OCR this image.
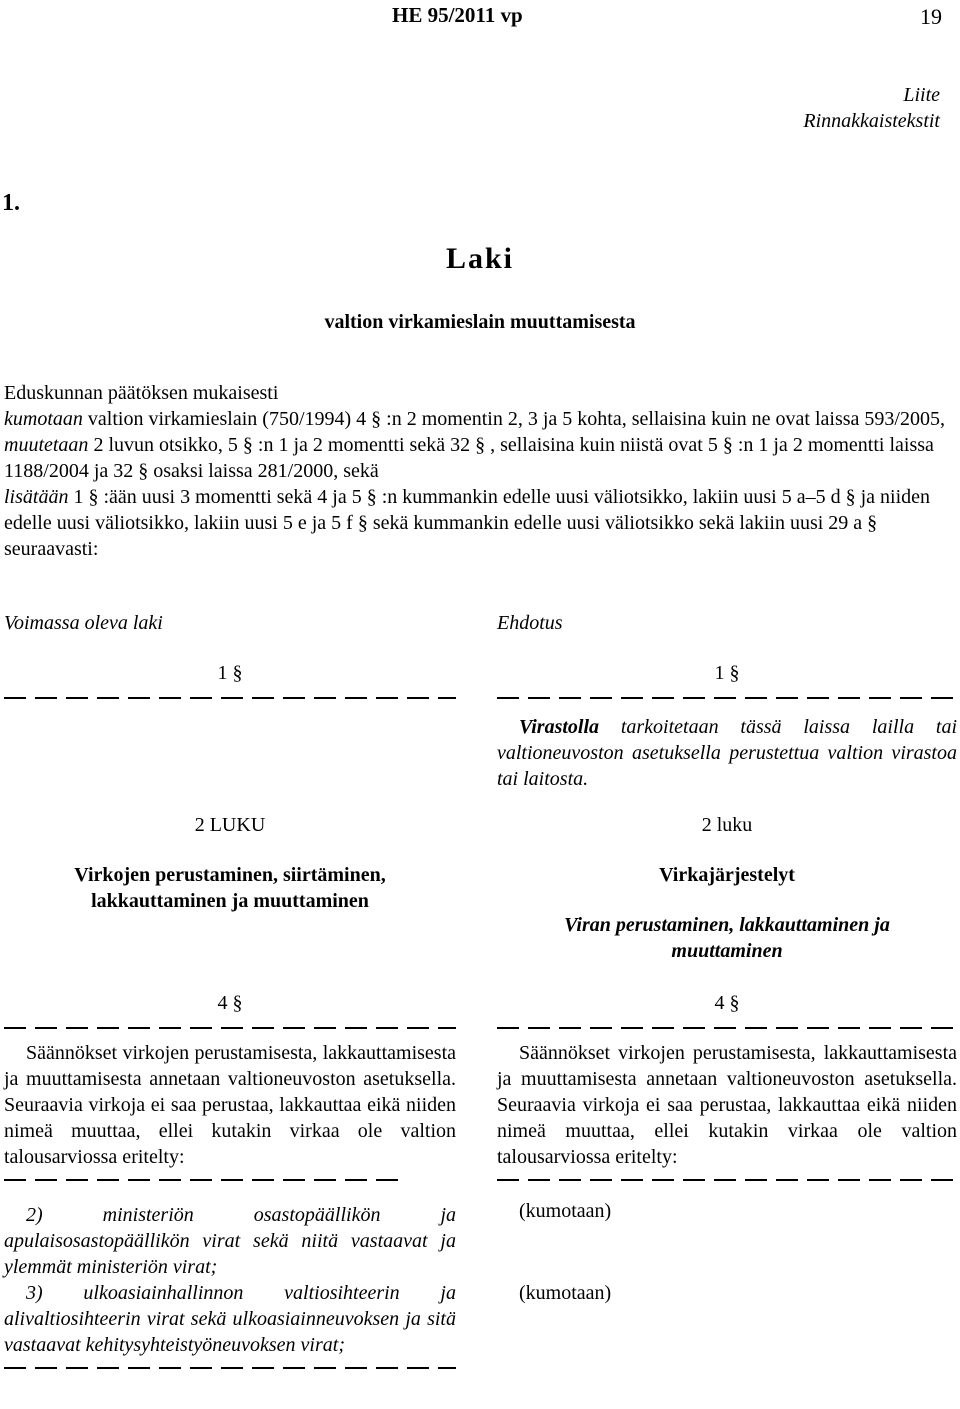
HE 95/2011 vp	19
Liite
Rinnakkaistekstit
1.
Laki
valtion virkamieslain muuttamisesta

Eduskunnan päätöksen mukaisesti

kumotaan valtion virkamieslain (750/1994) 4 § :n 2 momentin 2, 3 ja 5 kohta, sellaisina kuin ne ovat laissa 593/2005,

muutetaan 2 luvun otsikko, 5 § :n 1 ja 2 momentti sekä 32 § , sellaisina kuin niistä ovat 5 § :n 1 ja 2 momentti laissa 1188/2004 ja 32 § osaksi laissa 281/2000, sekä

lisätään 1 § :ään uusi 3 momentti sekä 4 ja 5 § :n kummankin edelle uusi väliotsikko, lakiin uusi 5 a–5 d § ja niiden edelle uusi väliotsikko, lakiin uusi 5 e ja 5 f § sekä kummankin edelle uusi väliotsikko sekä lakiin uusi 29 a § seuraavasti:

Voimassa oleva laki	Ehdotus
1 §
2 LUKU
Virkojen perustaminen, siirtäminen, lakkauttaminen ja muuttaminen
4 §
Säännökset virkojen perustamisesta, lakkauttamisesta ja muuttamisesta annetaan valtioneuvoston asetuksella. Seuraavia virkoja ei saa perustaa, lakkauttaa eikä niiden nimeä muuttaa, ellei kutakin virkaa ole valtion talousarviossa eritelty:
2) ministeriön osastopäällikön ja apulaisosastopäällikön virat sekä niitä vastaavat ja ylemmät ministeriön virat;
3) ulkoasiainhallinnon valtiosihteerin ja alivaltiosihteerin virat sekä ulkoasiainneuvoksen ja sitä vastaavat kehitysyhteistyöneuvoksen virat;
1 §
Virastolla tarkoitetaan tässä laissa lailla tai valtioneuvoston asetuksella perustettua valtion virastoa tai laitosta.
2 luku
Virkajärjestelyt
Viran perustaminen, lakkauttaminen ja muuttaminen
4 §
Säännökset virkojen perustamisesta, lakkauttamisesta ja muuttamisesta annetaan valtioneuvoston asetuksella. Seuraavia virkoja ei saa perustaa, lakkauttaa eikä niiden nimeä muuttaa, ellei kutakin virkaa ole valtion talousarviossa eritelty:
(kumotaan)
(kumotaan)
